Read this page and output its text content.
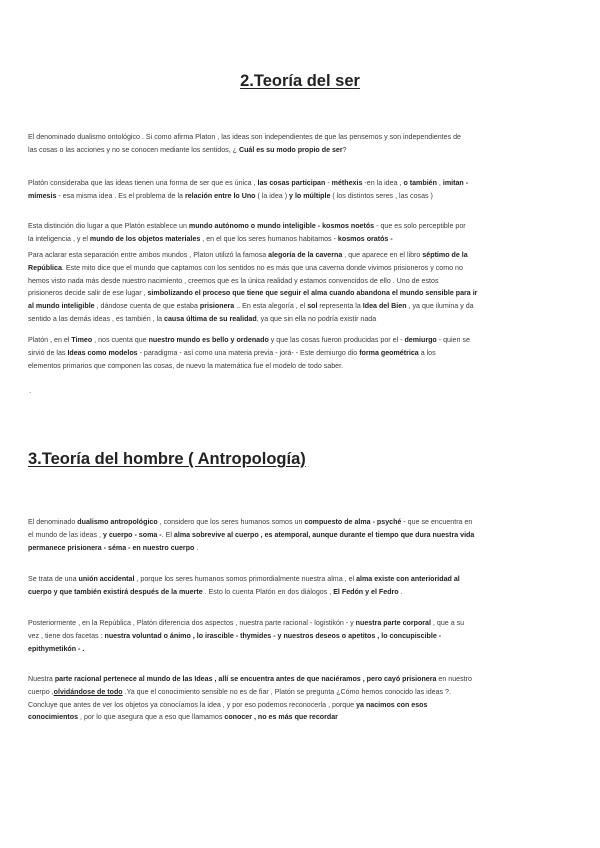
2.Teoría del ser
El denominado dualismo ontológico . Si como afirma Platon , las ideas son independientes de que las pensemos y son independientes de
las cosas o las acciones y no se conocen mediante los sentidos, ¿ Cuál es su modo propio de ser?
Platón consideraba que las ideas tienen una forma de ser que es única , las cosas participan - méthexis -en la idea , o también , imitan -
mímesis - esa misma idea . Es el problema de la relación entre lo Uno ( la idea ) y lo múltiple ( los distintos seres , las cosas )
Esta distinción dio lugar a que Platón establece un mundo autónomo o mundo inteligible - kosmos noetós - que es solo perceptible por
la inteligencia , y el mundo de los objetos materiales , en el que los seres humanos habitamos - kosmos oratós -
Para aclarar esta separación entre ambos mundos , Platon utilizó la famosa alegoría de la caverna , que aparece en el libro séptimo de la
República. Este mito dice que el mundo que captamos con los sentidos no es más que una caverna donde vivimos prisioneros y como no
hemos visto nada más desde nuestro nacimiento , creemos que es la única realidad y estamos convencidos de ello . Uno de estos
prisioneros decide salir de ese lugar , simbolizando el proceso que tiene que seguir el alma cuando abandona el mundo sensible para ir
al mundo inteligible , dándose cuenta de que estaba prisionera .. En esta alegoría , el sol representa la Idea del Bien , ya que ilumina y da
sentido a las demás ideas , es también , la causa última de su realidad, ya que sin ella no podría existir nada
Platón , en el Timeo , nos cuenta que nuestro mundo es bello y ordenado y que las cosas fueron producidas por el - demiurgo - quien se
sirvió de las Ideas como modelos - paradigma - así como una materia previa - jorá- - Este demiurgo dio forma geométrica a los
elementos primarios que componen las cosas, de nuevo la matemática fue el modelo de todo saber.
.
3.Teoría del hombre ( Antropología)
El denominado dualismo antropológico , considero que los seres humanos somos un compuesto de alma - psyché - que se encuentra en
el mundo de las ideas , y cuerpo - soma -. El alma sobrevive al cuerpo , es atemporal, aunque durante el tiempo que dura nuestra vida
permanece prisionera - séma - en nuestro cuerpo .
Se trata de una unión accidental , porque los seres humanos somos primordialmente nuestra alma , el alma existe con anterioridad al
cuerpo y que también existirá después de la muerte . Esto lo cuenta Platón en dos diálogos , El Fedón y el Fedro .
Posteriormente , en la República , Platón diferencia dos aspectos , nuestra parte racional - logistikón - y nuestra parte corporal , que a su
vez , tiene dos facetas : nuestra voluntad o ánimo , lo irascible - thymides - y nuestros deseos o apetitos , lo concupiscible -
epithymetikón - .
Nuestra parte racional pertenece al mundo de las Ideas , allí se encuentra antes de que naciéramos , pero cayó prisionera en nuestro
cuerpo ,olvidándose de todo .Ya que el conocimiento sensible no es de fiar , Platón se pregunta ¿Cómo hemos conocido las ideas ?.
Concluye que antes de ver los objetos ya conocíamos la idea , y por eso podemos reconocerla , porque ya nacimos con esos
conocimientos , por lo que asegura que a eso que llamamos conocer , no es más que recordar
